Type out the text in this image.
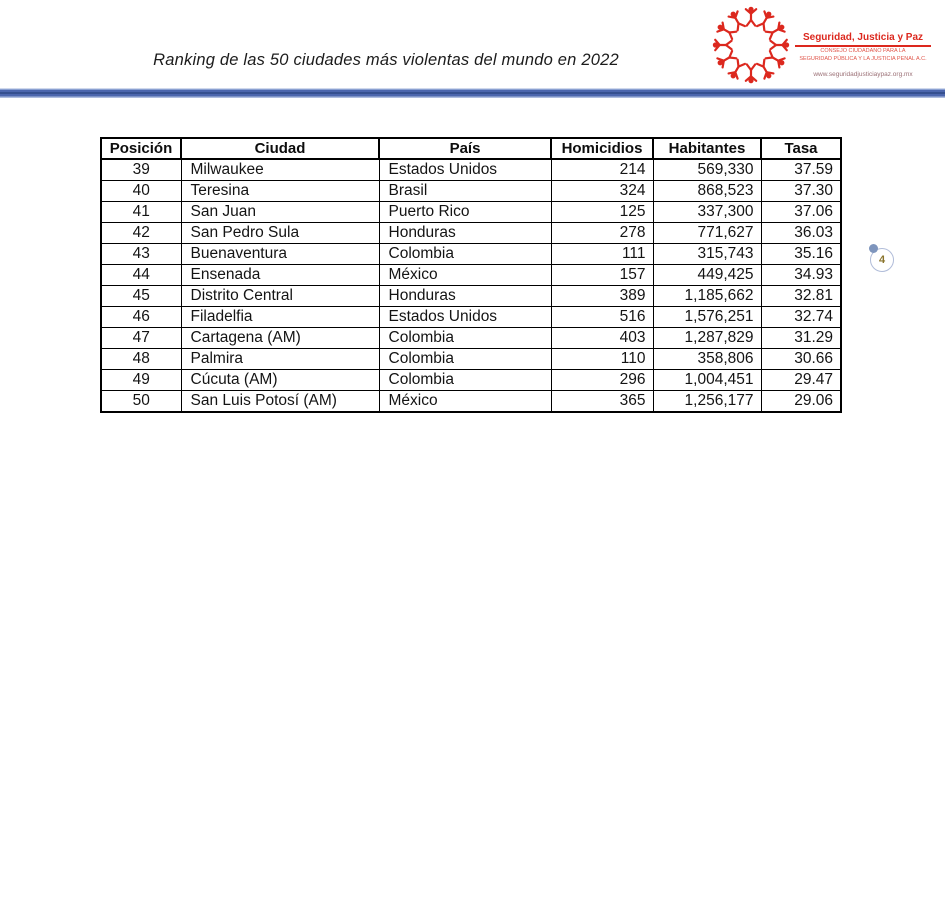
Ranking de las 50 ciudades más violentas del mundo en 2022
Seguridad, Justicia y Paz
CONSEJO CIUDADANO PARA LA
SEGURIDAD PÚBLICA Y LA JUSTICIA PENAL A.C.
www.seguridadjusticiaypaz.org.mx
Posición	Ciudad	País	Homicidios	Habitantes	Tasa
39	Milwaukee	Estados Unidos	214	569,330	37.59
40	Teresina	Brasil	324	868,523	37.30
41	San Juan	Puerto Rico	125	337,300	37.06
42	San Pedro Sula	Honduras	278	771,627	36.03
43	Buenaventura	Colombia	111	315,743	35.16
44	Ensenada	México	157	449,425	34.93
45	Distrito Central	Honduras	389	1,185,662	32.81
46	Filadelfia	Estados Unidos	516	1,576,251	32.74
47	Cartagena (AM)	Colombia	403	1,287,829	31.29
48	Palmira	Colombia	110	358,806	30.66
49	Cúcuta (AM)	Colombia	296	1,004,451	29.47
50	San Luis Potosí (AM)	México	365	1,256,177	29.06
4
